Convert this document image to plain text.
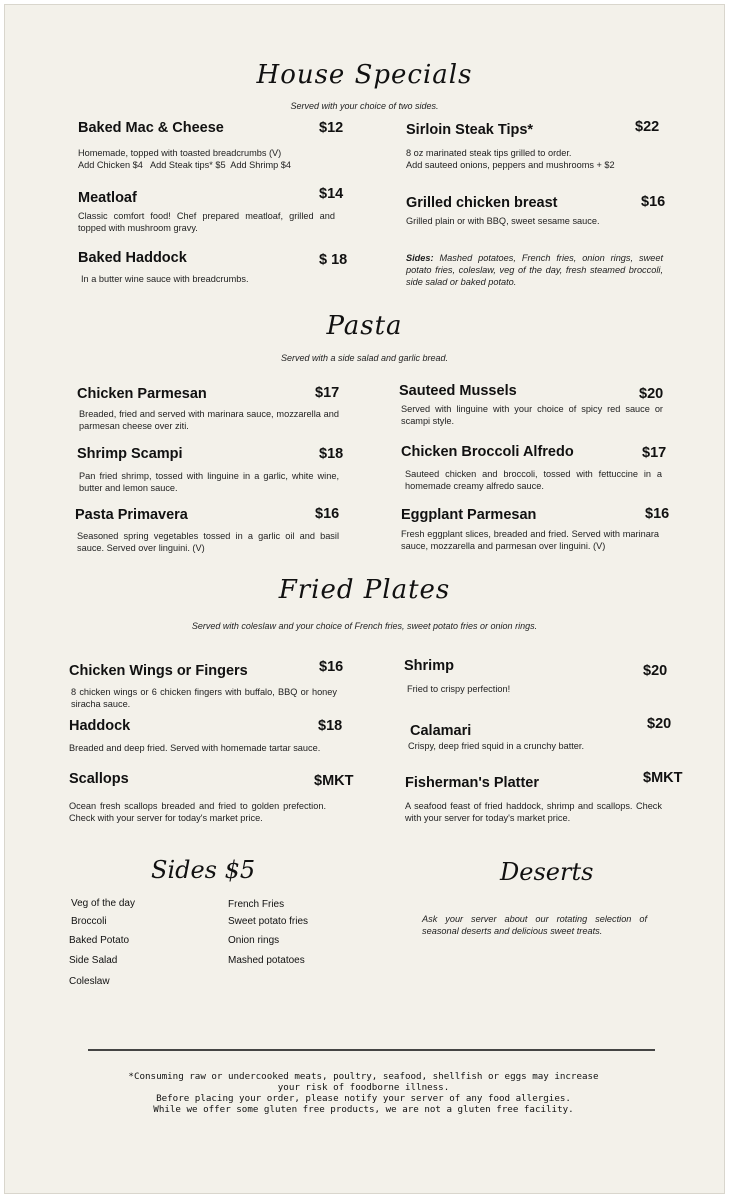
House Specials
Served with your choice of two sides.
Baked Mac & Cheese	$12
Homemade, topped with toasted breadcrumbs (V)
Add Chicken $4   Add Steak tips* $5  Add Shrimp $4
Meatloaf	$14
Classic comfort food! Chef prepared meatloaf, grilled and topped with mushroom gravy.
Baked Haddock	$ 18
In a butter wine sauce with breadcrumbs.
Sirloin Steak Tips*	$22
8 oz marinated steak tips grilled to order.
Add sauteed onions, peppers and mushrooms + $2
Grilled chicken breast	$16
Grilled plain or with BBQ, sweet sesame sauce.
Sides: Mashed potatoes, French fries, onion rings, sweet potato fries, coleslaw, veg of the day, fresh steamed broccoli, side salad or baked potato.
Pasta
Served with a side salad and garlic bread.
Chicken Parmesan	$17
Breaded, fried and served with marinara sauce, mozzarella and parmesan cheese over ziti.
Shrimp Scampi	$18
Pan fried shrimp, tossed with linguine in a garlic, white wine, butter and lemon sauce.
Pasta Primavera	$16
Seasoned spring vegetables tossed in a garlic oil and basil sauce. Served over linguini. (V)
Sauteed Mussels	$20
Served with linguine with your choice of spicy red sauce or scampi style.
Chicken Broccoli Alfredo	$17
Sauteed chicken and broccoli, tossed with fettuccine in a homemade creamy alfredo sauce.
Eggplant Parmesan	$16
Fresh eggplant slices, breaded and fried. Served with marinara sauce, mozzarella and parmesan over linguini. (V)
Fried Plates
Served with coleslaw and your choice of French fries, sweet potato fries or onion rings.
Chicken Wings or Fingers	$16
8 chicken wings or 6 chicken fingers with buffalo, BBQ or honey siracha sauce.
Haddock	$18
Breaded and deep fried. Served with homemade tartar sauce.
Scallops	$MKT
Ocean fresh scallops breaded and fried to golden prefection. Check with your server for today's market price.
Shrimp	$20
Fried to crispy perfection!
Calamari	$20
Crispy, deep fried squid in a crunchy batter.
Fisherman's Platter	$MKT
A seafood feast of fried haddock, shrimp and scallops. Check with your server for today's market price.
Sides $5
Veg of the day
Broccoli
Baked Potato
Side Salad
Coleslaw
French Fries
Sweet potato fries
Onion rings
Mashed potatoes
Deserts
Ask your server about our rotating selection of seasonal deserts and delicious sweet treats.
*Consuming raw or undercooked meats, poultry, seafood, shellfish or eggs may increase
your risk of foodborne illness.
Before placing your order, please notify your server of any food allergies.
While we offer some gluten free products, we are not a gluten free facility.
